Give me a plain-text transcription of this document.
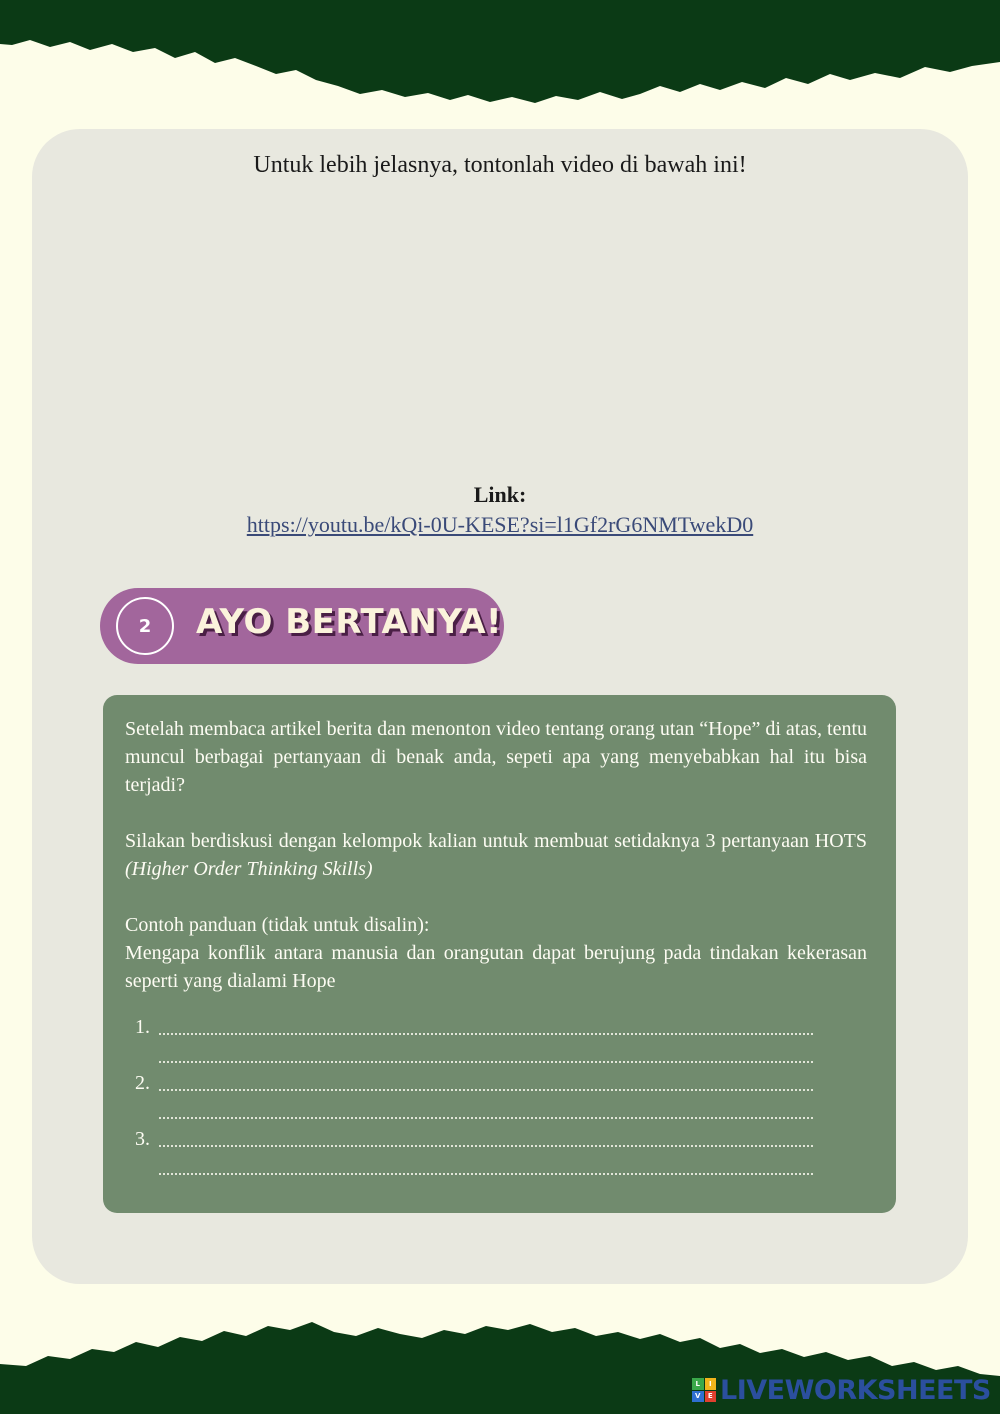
Untuk lebih jelasnya, tontonlah video di bawah ini!

Link:
https://youtu.be/kQi-0U-KESE?si=l1Gf2rG6NMTwekD0
2	AYO BERTANYA!

Setelah membaca artikel berita dan menonton video tentang orang utan “Hope” di atas, tentu muncul berbagai pertanyaan di benak anda, sepeti apa yang menyebabkan hal itu bisa terjadi?

Silakan berdiskusi dengan kelompok kalian untuk membuat setidaknya 3 pertanyaan HOTS (Higher Order Thinking Skills)

Contoh panduan (tidak untuk disalin):

Mengapa konflik antara manusia dan orangutan dapat berujung pada tindakan kekerasan seperti yang dialami Hope

1.
2.
3.
L	I
V	E LIVEWORKSHEETS
